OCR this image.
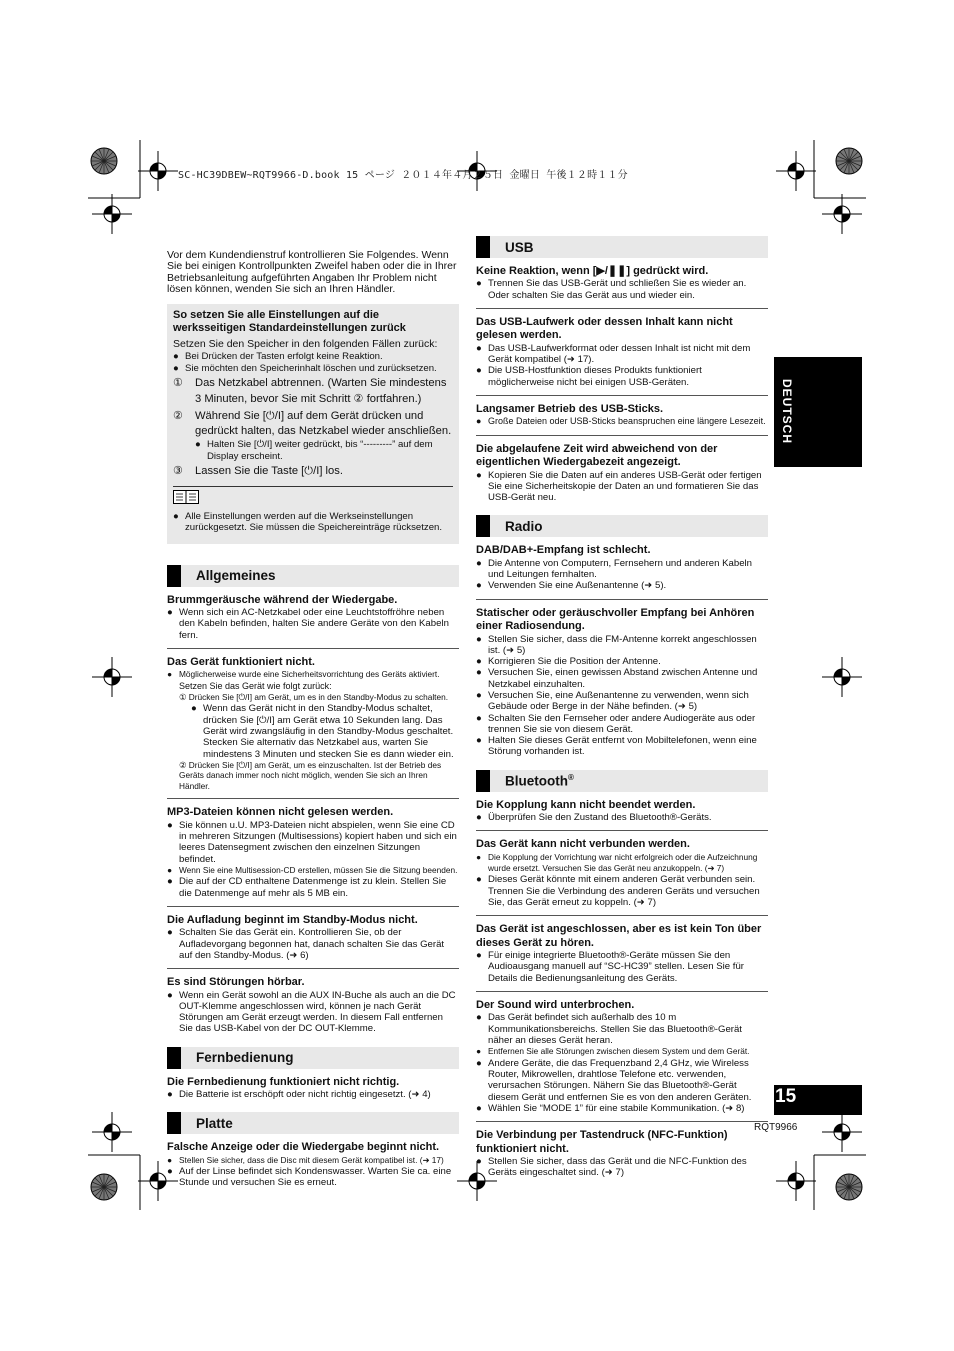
SC-HC39DBEW~RQT9966-D.book 15 ページ ２０１４年４月２５日 金曜日 午後１２時１１分
DEUTSCH
15
RQT9966

Vor dem Kundendienstruf kontrollieren Sie Folgendes. Wenn Sie bei einigen Kontrollpunkten Zweifel haben oder die in Ihrer Betriebsanleitung aufgeführten Angaben Ihr Problem nicht lösen können, wenden Sie sich an Ihren Händler.

So setzen Sie alle Einstellungen auf die werksseitigen Standardeinstellungen zurück
Setzen Sie den Speicher in den folgenden Fällen zurück:
● Bei Drücken der Tasten erfolgt keine Reaktion.
● Sie möchten den Speicherinhalt löschen und zurücksetzen.
①	Das Netzkabel abtrennen. (Warten Sie mindestens 3 Minuten, bevor Sie mit Schritt ② fortfahren.)
②	Während Sie [⏻/I] auf dem Gerät drücken und gedrückt halten, das Netzkabel wieder anschließen.
● Halten Sie [⏻/I] weiter gedrückt, bis “---------” auf dem Display erscheint.
③	Lassen Sie die Taste [⏻/I] los.
● Alle Einstellungen werden auf die Werkseinstellungen zurückgesetzt. Sie müssen die Speichereinträge rücksetzen.
Allgemeines
Brummgeräusche während der Wiedergabe.
● Wenn sich ein AC-Netzkabel oder eine Leuchtstoffröhre neben den Kabeln befinden, halten Sie andere Geräte von den Kabeln fern.
Das Gerät funktioniert nicht.
● Möglicherweise wurde eine Sicherheitsvorrichtung des Geräts aktiviert.
Setzen Sie das Gerät wie folgt zurück:
① Drücken Sie [⏻/I] am Gerät, um es in den Standby-Modus zu schalten.
● Wenn das Gerät nicht in den Standby-Modus schaltet, drücken Sie [⏻/I] am Gerät etwa 10 Sekunden lang. Das Gerät wird zwangsläufig in den Standby-Modus geschaltet. Stecken Sie alternativ das Netzkabel aus, warten Sie mindestens 3 Minuten und stecken Sie es dann wieder ein.
② Drücken Sie [⏻/I] am Gerät, um es einzuschalten. Ist der Betrieb des Geräts danach immer noch nicht möglich, wenden Sie sich an Ihren Händler.
MP3-Dateien können nicht gelesen werden.
● Sie können u.U. MP3-Dateien nicht abspielen, wenn Sie eine CD in mehreren Sitzungen (Multisessions) kopiert haben und sich ein leeres Datensegment zwischen den einzelnen Sitzungen befindet.
● Wenn Sie eine Multisession-CD erstellen, müssen Sie die Sitzung beenden.
● Die auf der CD enthaltene Datenmenge ist zu klein. Stellen Sie die Datenmenge auf mehr als 5 MB ein.
Die Aufladung beginnt im Standby-Modus nicht.
● Schalten Sie das Gerät ein. Kontrollieren Sie, ob der Aufladevorgang begonnen hat, danach schalten Sie das Gerät auf den Standby-Modus. (➜ 6)
Es sind Störungen hörbar.
● Wenn ein Gerät sowohl an die AUX IN-Buche als auch an die DC OUT-Klemme angeschlossen wird, können je nach Gerät Störungen am Gerät erzeugt werden. In diesem Fall entfernen Sie das USB-Kabel von der DC OUT-Klemme.
Fernbedienung
Die Fernbedienung funktioniert nicht richtig.
● Die Batterie ist erschöpft oder nicht richtig eingesetzt. (➜ 4)
Platte
Falsche Anzeige oder die Wiedergabe beginnt nicht.
● Stellen Sie sicher, dass die Disc mit diesem Gerät kompatibel ist. (➜ 17)
● Auf der Linse befindet sich Kondenswasser. Warten Sie ca. eine Stunde und versuchen Sie es erneut.
USB
Keine Reaktion, wenn [▶/❚❚] gedrückt wird.
● Trennen Sie das USB-Gerät und schließen Sie es wieder an. Oder schalten Sie das Gerät aus und wieder ein.
Das USB-Laufwerk oder dessen Inhalt kann nicht gelesen werden.
● Das USB-Laufwerkformat oder dessen Inhalt ist nicht mit dem Gerät kompatibel (➜ 17).
● Die USB-Hostfunktion dieses Produkts funktioniert möglicherweise nicht bei einigen USB-Geräten.
Langsamer Betrieb des USB-Sticks.
● Große Dateien oder USB-Sticks beanspruchen eine längere Lesezeit.
Die abgelaufene Zeit wird abweichend von der eigentlichen Wiedergabezeit angezeigt.
● Kopieren Sie die Daten auf ein anderes USB-Gerät oder fertigen Sie eine Sicherheitskopie der Daten an und formatieren Sie das USB-Gerät neu.
Radio
DAB/DAB+-Empfang ist schlecht.
● Die Antenne von Computern, Fernsehern und anderen Kabeln und Leitungen fernhalten.
● Verwenden Sie eine Außenantenne (➜ 5).
Statischer oder geräuschvoller Empfang bei Anhören einer Radiosendung.
● Stellen Sie sicher, dass die FM-Antenne korrekt angeschlossen ist. (➜ 5)
● Korrigieren Sie die Position der Antenne.
● Versuchen Sie, einen gewissen Abstand zwischen Antenne und Netzkabel einzuhalten.
● Versuchen Sie, eine Außenantenne zu verwenden, wenn sich Gebäude oder Berge in der Nähe befinden. (➜ 5)
● Schalten Sie den Fernseher oder andere Audiogeräte aus oder trennen Sie sie von diesem Gerät.
● Halten Sie dieses Gerät entfernt von Mobiltelefonen, wenn eine Störung vorhanden ist.
Bluetooth®
Die Kopplung kann nicht beendet werden.
● Überprüfen Sie den Zustand des Bluetooth®-Geräts.
Das Gerät kann nicht verbunden werden.
● Die Kopplung der Vorrichtung war nicht erfolgreich oder die Aufzeichnung wurde ersetzt. Versuchen Sie das Gerät neu anzukoppeln. (➜ 7)
● Dieses Gerät könnte mit einem anderen Gerät verbunden sein. Trennen Sie die Verbindung des anderen Geräts und versuchen Sie, das Gerät erneut zu koppeln. (➜ 7)
Das Gerät ist angeschlossen, aber es ist kein Ton über dieses Gerät zu hören.
● Für einige integrierte Bluetooth®-Geräte müssen Sie den Audioausgang manuell auf “SC-HC39” stellen. Lesen Sie für Details die Bedienungsanleitung des Geräts.
Der Sound wird unterbrochen.
● Das Gerät befindet sich außerhalb des 10 m Kommunikationsbereichs. Stellen Sie das Bluetooth®-Gerät näher an dieses Gerät heran.
● Entfernen Sie alle Störungen zwischen diesem System und dem Gerät.
● Andere Geräte, die das Frequenzband 2,4 GHz, wie Wireless Router, Mikrowellen, drahtlose Telefone etc. verwenden, verursachen Störungen. Nähern Sie das Bluetooth®-Gerät diesem Gerät und entfernen Sie es von den anderen Geräten.
● Wählen Sie “MODE 1” für eine stabile Kommunikation. (➜ 8)
Die Verbindung per Tastendruck (NFC-Funktion) funktioniert nicht.
● Stellen Sie sicher, dass das Gerät und die NFC-Funktion des Geräts eingeschaltet sind. (➜ 7)
